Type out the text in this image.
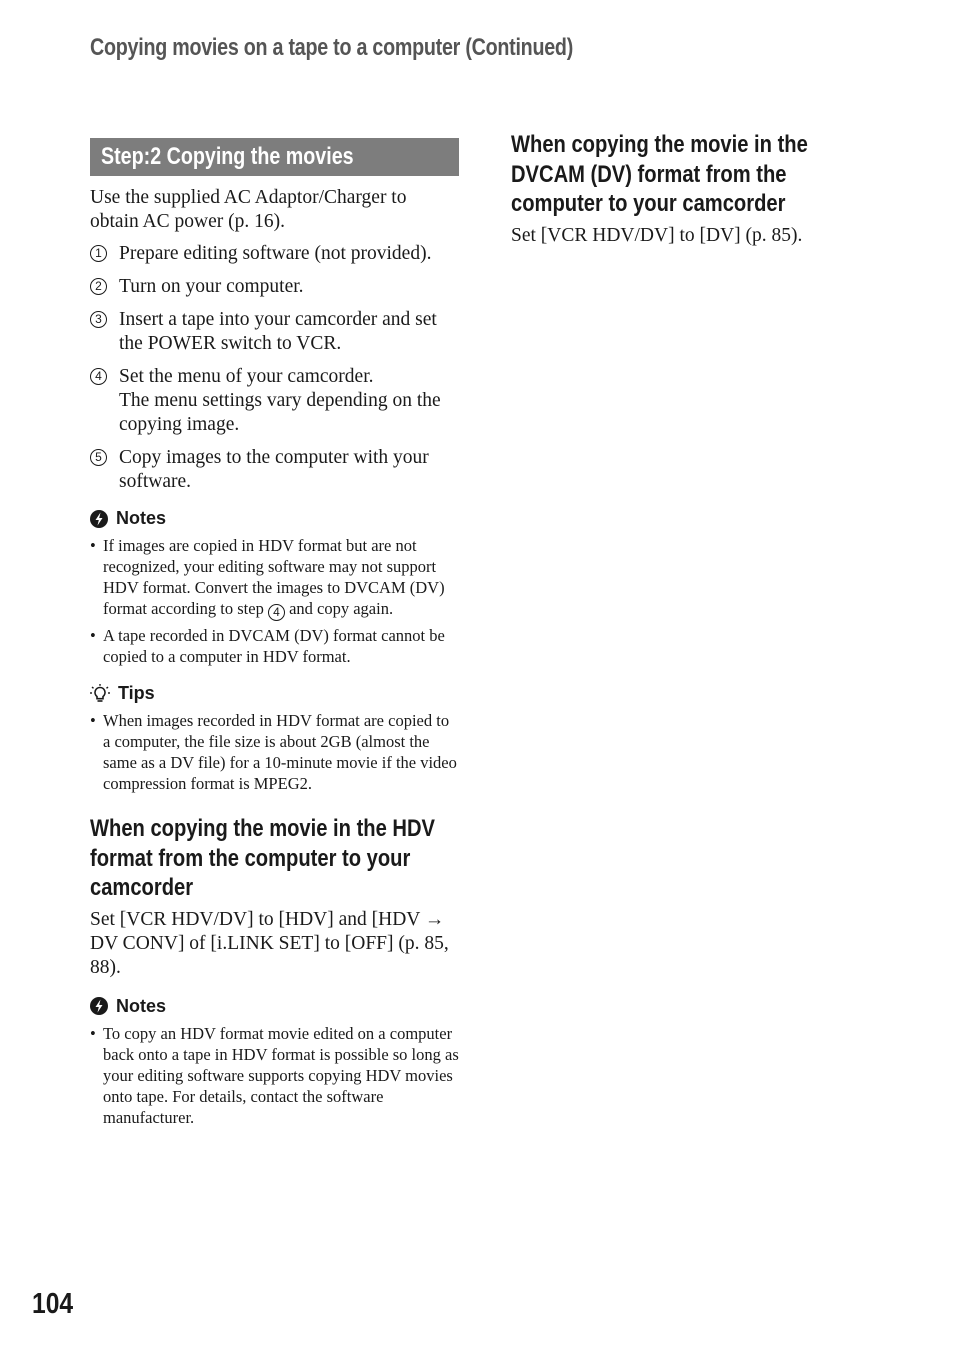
Copying movies on a tape to a computer (Continued)
Step:2 Copying the movies

Use the supplied AC Adaptor/Charger to obtain AC power (p. 16).

1 Prepare editing software (not provided).
2 Turn on your computer.
3 Insert a tape into your camcorder and set the POWER switch to VCR.
4 Set the menu of your camcorder.
The menu settings vary depending on the copying image.
5 Copy images to the computer with your software.
Notes
• If images are copied in HDV format but are not recognized, your editing software may not support HDV format. Convert the images to DVCAM (DV) format according to step 4 and copy again.
• A tape recorded in DVCAM (DV) format cannot be copied to a computer in HDV format.
Tips
• When images recorded in HDV format are copied to a computer, the file size is about 2GB (almost the same as a DV file) for a 10-minute movie if the video compression format is MPEG2.
When copying the movie in the HDV format from the computer to your camcorder

Set [VCR HDV/DV] to [HDV] and [HDV → DV CONV] of [i.LINK SET] to [OFF] (p. 85, 88).

Notes
• To copy an HDV format movie edited on a computer back onto a tape in HDV format is possible so long as your editing software supports copying HDV movies onto tape. For details, contact the software manufacturer.
When copying the movie in the DVCAM (DV) format from the computer to your camcorder

Set [VCR HDV/DV] to [DV] (p. 85).

104
